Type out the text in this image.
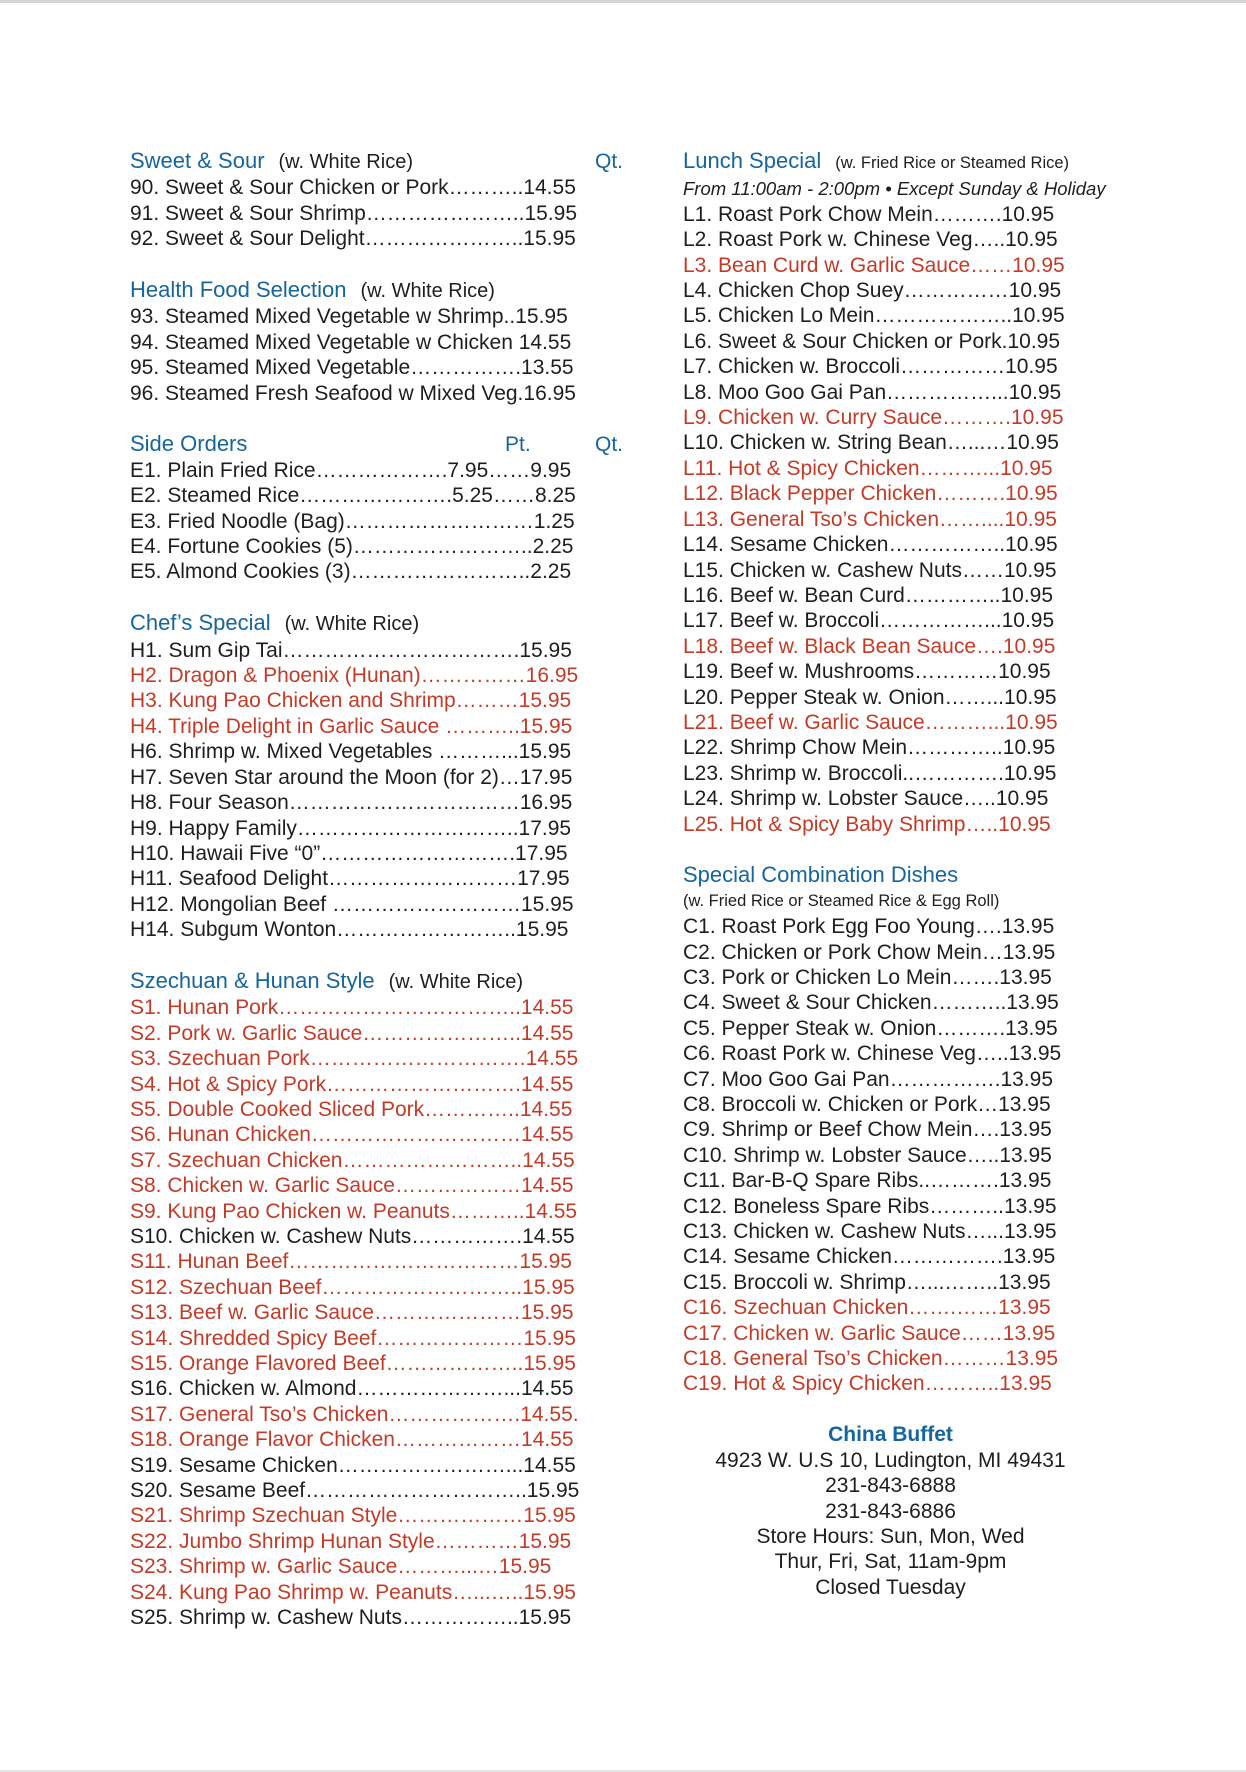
Sweet & Sour (w. White Rice)	Qt.
90. Sweet & Sour Chicken or Pork………..14.55
91. Sweet & Sour Shrimp…………………..15.95
92. Sweet & Sour Delight…………………..15.95
Health Food Selection (w. White Rice)
93. Steamed Mixed Vegetable w Shrimp..15.95
94. Steamed Mixed Vegetable w Chicken 14.55
95. Steamed Mixed Vegetable…………….13.55
96. Steamed Fresh Seafood w Mixed Veg.16.95
Side Orders	Pt.	Qt.
E1. Plain Fried Rice……………….7.95……9.95
E2. Steamed Rice………………….5.25……8.25
E3. Fried Noodle (Bag)………………………1.25
E4. Fortune Cookies (5)……………………..2.25
E5. Almond Cookies (3)……………………..2.25
Chef’s Special (w. White Rice)
H1. Sum Gip Tai…………………………….15.95
H2. Dragon & Phoenix (Hunan)……………16.95
H3. Kung Pao Chicken and Shrimp………15.95
H4. Triple Delight in Garlic Sauce ………..15.95
H6. Shrimp w. Mixed Vegetables ………...15.95
H7. Seven Star around the Moon (for 2)…17.95
H8. Four Season……………………………16.95
H9. Happy Family…………………………..17.95
H10. Hawaii Five “0”……………………….17.95
H11. Seafood Delight………………………17.95
H12. Mongolian Beef ………………………15.95
H14. Subgum Wonton……………………..15.95
Szechuan & Hunan Style (w. White Rice)
S1. Hunan Pork……………………………..14.55
S2. Pork w. Garlic Sauce…………………..14.55
S3. Szechuan Pork………………………….14.55
S4. Hot & Spicy Pork……………………….14.55
S5. Double Cooked Sliced Pork…………..14.55
S6. Hunan Chicken…………………………14.55
S7. Szechuan Chicken……………………..14.55
S8. Chicken w. Garlic Sauce………………14.55
S9. Kung Pao Chicken w. Peanuts………..14.55
S10. Chicken w. Cashew Nuts…………….14.55
S11. Hunan Beef……………………………15.95
S12. Szechuan Beef………………………..15.95
S13. Beef w. Garlic Sauce…………………15.95
S14. Shredded Spicy Beef…………………15.95
S15. Orange Flavored Beef………………..15.95
S16. Chicken w. Almond…………………...14.55
S17. General Tso’s Chicken……………….14.55.
S18. Orange Flavor Chicken………………14.55
S19. Sesame Chicken……………………...14.55
S20. Sesame Beef…………………………..15.95
S21. Shrimp Szechuan Style………………15.95
S22. Jumbo Shrimp Hunan Style…………15.95
S23. Shrimp w. Garlic Sauce………...…15.95
S24. Kung Pao Shrimp w. Peanuts…...…..15.95
S25. Shrimp w. Cashew Nuts……………..15.95
Lunch Special (w. Fried Rice or Steamed Rice)
From 11:00am - 2:00pm • Except Sunday & Holiday
L1. Roast Pork Chow Mein……….10.95
L2. Roast Pork w. Chinese Veg…..10.95
L3. Bean Curd w. Garlic Sauce……10.95
L4. Chicken Chop Suey……………10.95
L5. Chicken Lo Mein………………..10.95
L6. Sweet & Sour Chicken or Pork.10.95
L7. Chicken w. Broccoli……………10.95
L8. Moo Goo Gai Pan……………...10.95
L9. Chicken w. Curry Sauce……….10.95
L10. Chicken w. String Bean…...…10.95
L11. Hot & Spicy Chicken………...10.95
L12. Black Pepper Chicken……….10.95
L13. General Tso’s Chicken……....10.95
L14. Sesame Chicken……………..10.95
L15. Chicken w. Cashew Nuts……10.95
L16. Beef w. Bean Curd…………..10.95
L17. Beef w. Broccoli……………...10.95
L18. Beef w. Black Bean Sauce….10.95
L19. Beef w. Mushrooms…………10.95
L20. Pepper Steak w. Onion……...10.95
L21. Beef w. Garlic Sauce………...10.95
L22. Shrimp Chow Mein…………..10.95
L23. Shrimp w. Broccoli..………….10.95
L24. Shrimp w. Lobster Sauce…..10.95
L25. Hot & Spicy Baby Shrimp…..10.95
Special Combination Dishes
(w. Fried Rice or Steamed Rice & Egg Roll)
C1. Roast Pork Egg Foo Young….13.95
C2. Chicken or Pork Chow Mein…13.95
C3. Pork or Chicken Lo Mein…….13.95
C4. Sweet & Sour Chicken………..13.95
C5. Pepper Steak w. Onion……….13.95
C6. Roast Pork w. Chinese Veg…..13.95
C7. Moo Goo Gai Pan…………….13.95
C8. Broccoli w. Chicken or Pork…13.95
C9. Shrimp or Beef Chow Mein….13.95
C10. Shrimp w. Lobster Sauce…..13.95
C11. Bar-B-Q Spare Ribs..……….13.95
C12. Boneless Spare Ribs………..13.95
C13. Chicken w. Cashew Nuts…...13.95
C14. Sesame Chicken…………….13.95
C15. Broccoli w. Shrimp…...……..13.95
C16. Szechuan Chicken…….……13.95
C17. Chicken w. Garlic Sauce……13.95
C18. General Tso’s Chicken………13.95
C19. Hot & Spicy Chicken………..13.95
China Buffet
4923 W. U.S 10, Ludington, MI 49431
231-843-6888
231-843-6886
Store Hours: Sun, Mon, Wed
Thur, Fri, Sat, 11am-9pm
Closed Tuesday
